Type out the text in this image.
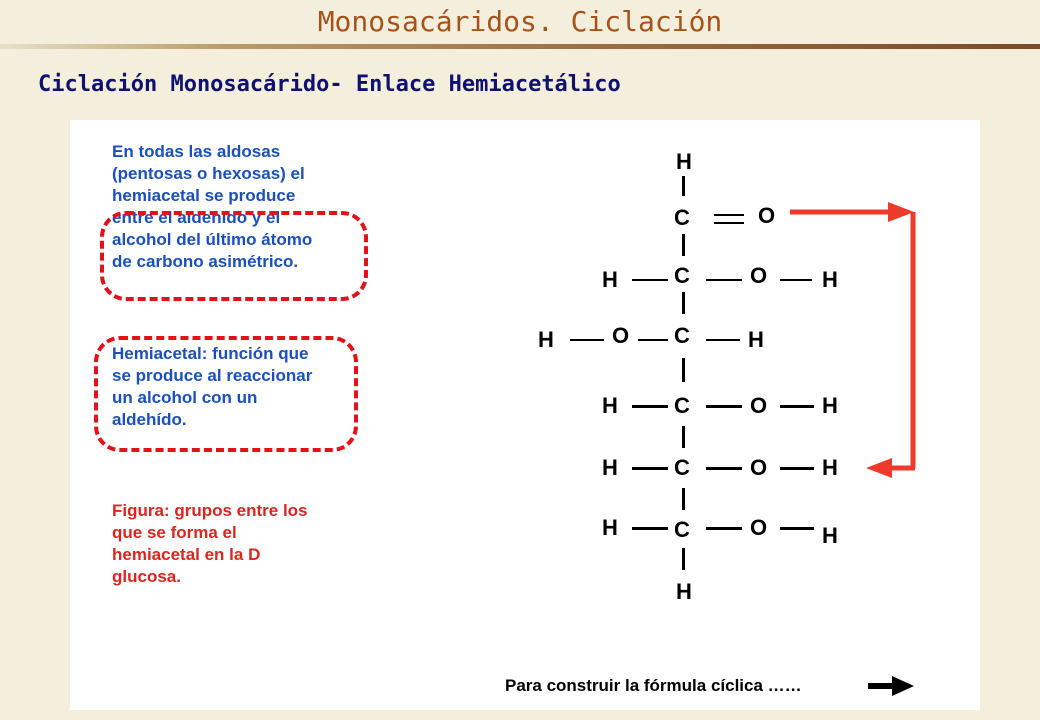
Monosacáridos. Ciclación
Ciclación Monosacárido- Enlace Hemiacetálico

En todas las aldosas
(pentosas o hexosas) el
hemiacetal se produce
entre el aldehído y el
alcohol del último átomo
de carbono asimétrico.

Hemiacetal: función que
se produce al reaccionar
un alcohol con un
aldehído.

Figura: grupos entre los
que se forma el
hemiacetal en la D
glucosa.

H
C	O
H	C	O H
H	O C	H
H	C	O H
H	C	O H
H	C	O H
H
Para construir la fórmula cíclica ……
